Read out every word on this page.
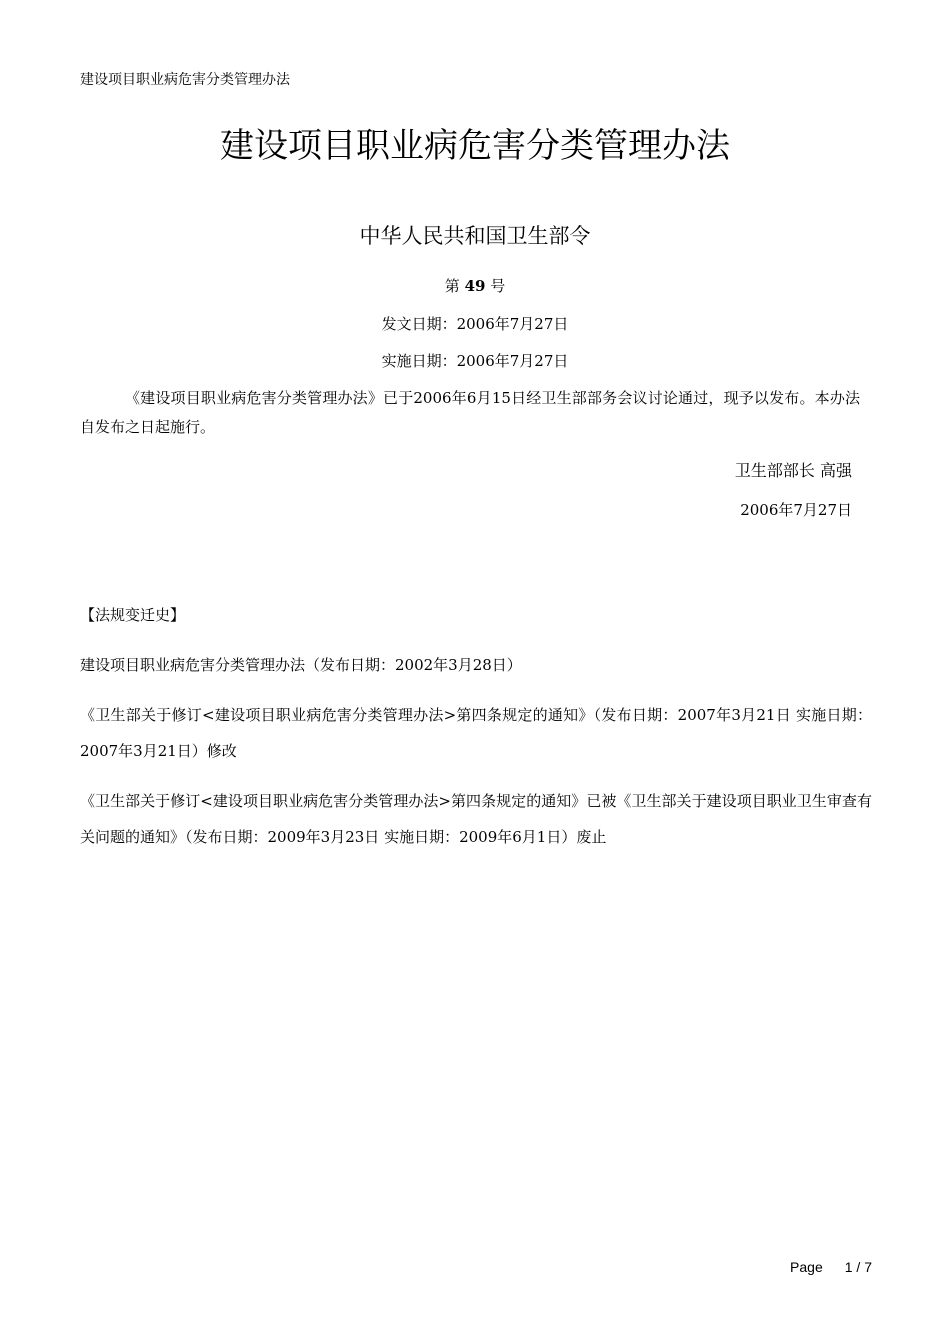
建设项目职业病危害分类管理办法
建设项目职业病危害分类管理办法
中华人民共和国卫生部令
第 49 号
发文日期：2006年7月27日
实施日期：2006年7月27日
《建设项目职业病危害分类管理办法》已于2006年6月15日经卫生部部务会议讨论通过，现予以发布。本办法自发布之日起施行。
卫生部部长 高强
2006年7月27日
【法规变迁史】
建设项目职业病危害分类管理办法（发布日期：2002年3月28日）
《卫生部关于修订<建设项目职业病危害分类管理办法>第四条规定的通知》（发布日期：2007年3月21日 实施日期：2007年3月21日）修改
《卫生部关于修订<建设项目职业病危害分类管理办法>第四条规定的通知》已被《卫生部关于建设项目职业卫生审查有关问题的通知》（发布日期：2009年3月23日 实施日期：2009年6月1日）废止
Page 1 / 7
